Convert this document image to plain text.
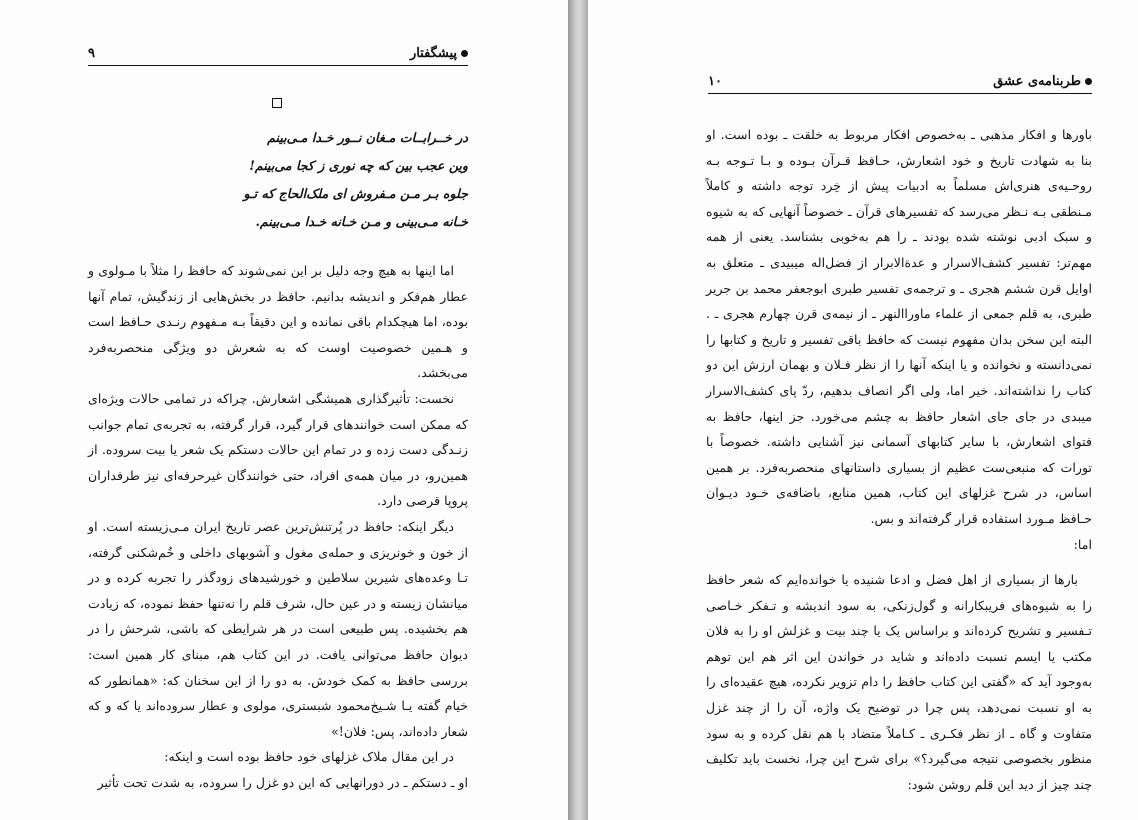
پیشگفتار
۹
در خــرابــات مـغان نــور خـدا مـی‌بینم
وین عجب بین که چه نوری ز کجا می‌بینم!
جلوه بـر مـن مـفروش ای ملک‌الحاج که تـو
خـانه مـی‌بینی و مـن خـانه خـدا مـی‌بینم.

اما اینها به هیچ وجه دلیل بر این نمی‌شوند که حافظ را مثلاً با مـولوی و عطار هم‌فکر و اندیشه بدانیم. حافظ در بخش‌هایی از زندگیش، تمام آنها بوده، اما هیچکدام باقی نمانده و این دقیقاً بـه مـفهوم رنـدی حـافظ است و هـمین خصوصیت اوست که به شعرش دو ویژگی منحصربه‌فرد می‌بخشد.

نخست: تأثیرگذاری همیشگی اشعارش. چراکه در تمامی حالات ویژه‌ای که ممکن است خوانندهای قرار گیرد، قرار گرفته، به تجربه‌ی تمام جوانب زنـدگی دست زده و در تمام این حالات دستکم یک شعر یا بیت سروده. از همین‌رو، در میان همه‌ی افراد، حتی خوانندگان غیرحرفه‌ای نیز طرفداران پروپا قرصی دارد.

دیگر اینکه: حافظ در پُرتنش‌ترین عصر تاریخ ایران مـی‌زیسته است. او از خون و خونریزی و حمله‌ی مغول و آشوبهای داخلی و خُم‌شکنی گرفته، تـا وعده‌های شیرین سلاطین و خورشیدهای زودگذر را تجربه کرده و در میانشان زیسته و در عین حال، شرف قلم را نه‌تنها حفظ نموده، که زیادت هم بخشیده. پس طبیعی است در هر شرایطی که باشی، شرحش را در دیوان حافظ می‌توانی یافت. در این کتاب هم، مبنای کار همین است: بررسی حافظ به کمک خودش. به دو را از این سخنان که: «همانطور که خیام گفته یـا شـیخ‌محمود شبستری، مولوی و عطار سروده‌اند یا که و که شعار داده‌اند، پس: فلان!»

در این مقال ملاک غزلهای خود حافظ بوده است و اینکه:

او ـ دستکم ـ در دورانهایی که این دو غزل را سروده، به شدت تحت تأثیر

طربنامه‌ی عشق
۱۰

باورها و افکار مذهبی ـ به‌خصوص افکار مربوط به خلقت ـ بوده است. او بنا به شهادت تاریخ و خود اشعارش، حـافظ قـرآن بـوده و بـا تـوجه بـه روحـیه‌ی هنری‌اش مسلماً به ادبیات پیش از خِرد توجه داشته و کاملاً مـنطقی بـه نـظر می‌رسد که تفسیرهای قرآن ـ خصوصاً آنهایی که به شیوه و سبک ادبی نوشته شده بودند ـ را هم به‌خوبی بشناسد. یعنی از همه مهم‌تر: تفسیر کشف‌الاسرار و عدةالابرار از فضل‌اله میبیدی ـ متعلق به اوایل قرن ششم هجری ـ و ترجمه‌ی تفسیر طبری ابوجعفر محمد بن جریر طبری، به قلم جمعی از علماء ماوراالنهر ـ از نیمه‌ی قرن چهارم هجری ـ . البته این سخن بدان مفهوم نیست که حافظ باقی تفسیر و تاریخ و کتابها را نمی‌دانسته و نخوانده و یا اینکه آنها را از نظر فـلان و بهمان ارزش این دو کتاب را نداشته‌اند. خیر اما، ولی اگر انصاف بدهیم، ردّ پای کشف‌الاسرار میبدی در جای جای اشعار حافظ به چشم می‌خورد. جز اینها، حافظ به فتوای اشعارش، با سایر کتابهای آسمانی نیز آشنایی داشته. خصوصاً با تورات که منبعی‌ست عظیم از بسیاری داستانهای منحصربه‌فرد. بر همین اساس، در شرح غزلهای این کتاب، همین منابع، باضافه‌ی خـود دیـوان حـافظ مـورد استفاده قرار گرفته‌اند و بس.

اما:

بارها از بسیاری از اهل فضل و ادعا شنیده یا خوانده‌ایم که شعر حافظ را به شیوه‌های فریبکارانه و گول‌زنکی، به سود اندیشه و تـفکر خـاصی تـفسیر و تشریح کرده‌اند و براساس یک یا چند بیت و غزلش او را به فلان مکتب یا ایسم نسبت داده‌اند و شاید در خواندن این اثر هم این توهم به‌وجود آید که «گفتی این کتاب حافظ را دام تزویر نکرده، هیچ عقیده‌ای را به او نسبت نمی‌دهد، پس چرا در توضیح یک واژه، آن را از چند غزل متفاوت و گاه ـ از نظر فکـری ـ کـاملاً متضاد با هم نقل کرده و به سود منظور بخصوصی نتیجه می‌گیرد؟» برای شرح این چرا، نخست باید تکلیف چند چیز از دید این قلم روشن شود:
